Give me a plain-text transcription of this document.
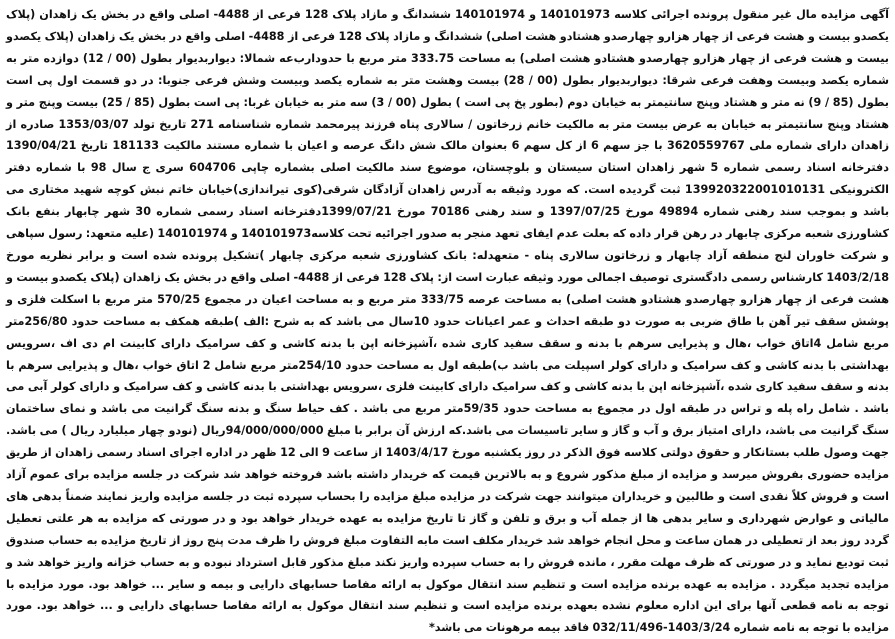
آگهی مزایده مال غیر منقول پرونده اجرائی کلاسه 140101973 و 140101974 ششدانگ و مازاد پلاک 128 فرعی از 4488- اصلی واقع در بخش یک زاهدان (پلاک یکصدو بیست و هشت فرعی از چهار هزارو چهارصدو هشتادو هشت اصلی) ششدانگ و مازاد پلاک 128 فرعی از 4488- اصلی واقع در بخش یک زاهدان (پلاک یکصدو بیست و هشت فرعی از چهار هزارو چهارصدو هشتادو هشت اصلی) به مساحت 333.75 متر مربع با حدودارب‌عه شمالا: دیواربدیوار بطول (00 / 12) دوازده متر به شماره یکصد وبیست وهفت فرعی شرقا: دیواربدیوار بطول (00 / 28) بیست وهشت متر به شماره یکصد وبیست وشش فرعی جنوبا: در دو قسمت اول پی است بطول (85 / 9) نه متر و هشتاد وپنج سانتیمتر به خیابان دوم (بطور پخ پی است ) بطول (00 / 3) سه متر به خیابان غربا: پی است بطول (85 / 25) بیست وپنج متر و هشتاد وپنج سانتیمتر به خیابان به عرض بیست متر به مالکیت خانم زرخاتون / سالاری پناه فرزند پیرمحمد شماره شناسنامه 271 تاریخ تولد 1353/03/07 صادره از زاهدان دارای شماره ملی 3620559767 با جز سهم 6 از کل سهم 6 بعنوان مالک شش دانگ عرصه و اعیان با شماره مستند مالکیت 181133 تاریخ 1390/04/21 دفترخانه اسناد رسمی شماره 5 شهر زاهدان استان سیستان و بلوچستان، موضوع سند مالکیت اصلی بشماره چاپی 604706 سری ج سال 98 با شماره دفتر الکترونیکی 139920322001010131 ثبت گردیده است. که مورد وثیقه به آدرس زاهدان آزادگان شرقی(کوی تیراندازی)خیابان خاتم نبش کوچه شهید مختاری می باشد و بموجب سند رهنی شماره 49894 مورخ 1397/07/25 و سند رهنی 70186 مورخ 1399/07/21دفترخانه اسناد رسمی شماره 30 شهر چابهار بنفع بانک کشاورزی شعبه مرکزی چابهار در رهن قرار داده که بعلت عدم ایفای تعهد منجر به صدور اجرائیه تحت کلاسه140101973 و 140101974 (علیه متعهد: رسول سپاهی و شرکت خاوران لنج منطقه آزاد چابهار و زرخاتون سالاری پناه - متعهدله: بانک کشاورزی شعبه مرکزی چابهار )تشکیل پرونده شده است و برابر نظریه مورخ 1403/2/18 کارشناس رسمی دادگستری توصیف اجمالی مورد وثیقه عبارت است از: پلاک 128 فرعی از 4488- اصلی واقع در بخش یک زاهدان (پلاک یکصدو بیست و هشت فرعی از چهار هزارو چهارصدو هشتادو هشت اصلی) به مساحت عرصه 333/75 متر مربع و به مساحت اعیان در مجموع 570/25 متر مربع با اسکلت فلزی و پوشش سقف تیر آهن با طاق ضربی به صورت دو طبقه احداث و عمر اعیانات حدود 10سال می باشد که به شرح :الف )طبقه همکف به مساحت حدود 256/80متر مربع شامل 4اتاق خواب ،هال و پذیرایی سرهم با بدنه و سقف سفید کاری شده ،آشپزخانه اپن با بدنه کاشی و کف سرامیک دارای کابینت ام دی اف ،سرویس بهداشتی با بدنه کاشی و کف سرامیک و دارای کولر اسپیلت می باشد ب)طبقه اول به مساحت حدود 254/10متر مربع شامل 2 اتاق خواب ،هال و پذیرایی سرهم با بدنه و سقف سفید کاری شده ،آشپزخانه اپن با بدنه کاشی و کف سرامیک دارای کابینت فلزی ،سرویس بهداشتی با بدنه کاشی و کف سرامیک و دارای کولر آبی می باشد . شامل راه پله و تراس در طبقه اول در مجموع به مساحت حدود 59/35متر مربع می باشد . کف حیاط سنگ و بدنه سنگ گرانیت می باشد و نمای ساختمان سنگ گرانیت می باشد، دارای امتیاز برق و آب و گاز و سایر تاسیسات می باشد.که ارزش آن برابر با مبلغ 94/000/000/000ریال (نودو چهار میلیارد ریال ) می باشد. جهت وصول طلب بستانکار و حقوق دولتی کلاسه فوق الذکر در روز یکشنبه مورخ 1403/4/17 از ساعت 9 الی 12 ظهر در اداره اجرای اسناد رسمی زاهدان از طریق مزایده حضوری بفروش میرسد و مزایده از مبلغ مذکور شروع و به بالاترین قیمت که خریدار داشته باشد فروخته خواهد شد شرکت در جلسه مزایده برای عموم آزاد است و فروش کلاً نقدی است و طالبین و خریداران میتوانند جهت شرکت در مزایده مبلغ مزایده را بحساب سپرده ثبت در جلسه مزایده واریز نمایند ضمناً بدهی های مالیاتی و عوارض شهرداری و سایر بدهی ها از جمله آب و برق و تلفن و گاز تا تاریخ مزایده به عهده خریدار خواهد بود و در صورتی که مزایده به هر علتی تعطیل گردد روز بعد از تعطیلی در همان ساعت و محل انجام خواهد شد خریدار مکلف است مابه التفاوت مبلغ فروش را ظرف مدت پنج روز از تاریخ مزایده به حساب صندوق ثبت تودیع نماید و در صورتی که ظرف مهلت مقرر ، مانده فروش را به حساب سپرده واریز نکند مبلغ مذکور قابل استرداد نبوده و به حساب خزانه واریز خواهد شد و مزایده تجدید میگردد . مزایده به عهده برنده مزایده است و تنظیم سند انتقال موکول به ارائه مفاصا حسابهای دارایی و بیمه و سایر ... خواهد بود. مورد مزایده با توجه به نامه قطعی آنها برای این اداره معلوم نشده بعهده برنده مزایده است و تنظیم سند انتقال موکول به ارائه مفاصا حسابهای دارایی و ... خواهد بود. مورد مزایده با توجه به نامه شماره 1403/3/24-032/11/496 فاقد بیمه مرهونات می باشد*
